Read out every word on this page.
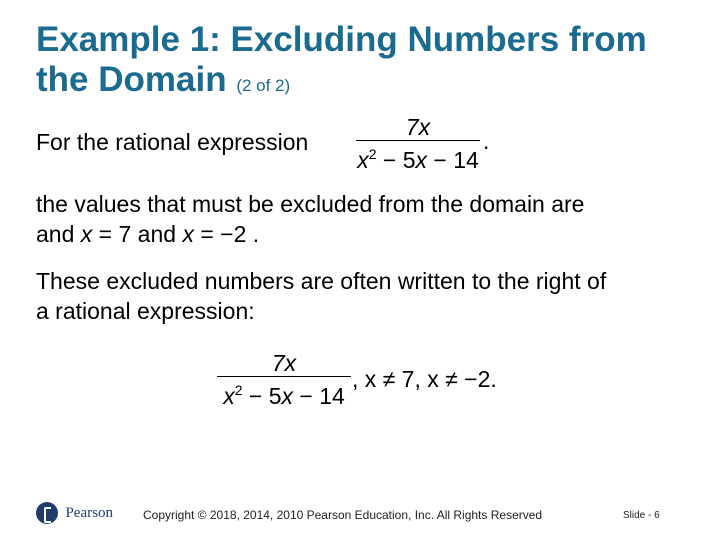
Example 1: Excluding Numbers from the Domain (2 of 2)
For the rational expression
7x
$x^2 - 5x - 14$
.
the values that must be excluded from the domain are
and x = 7 and x = −2 .
These excluded numbers are often written to the right of
a rational expression:
7x
$x^2 - 5x - 14$
, x ≠ 7, x ≠ −2.
Pearson	Copyright © 2018, 2014, 2010 Pearson Education, Inc. All Rights Reserved	Slide - 6
